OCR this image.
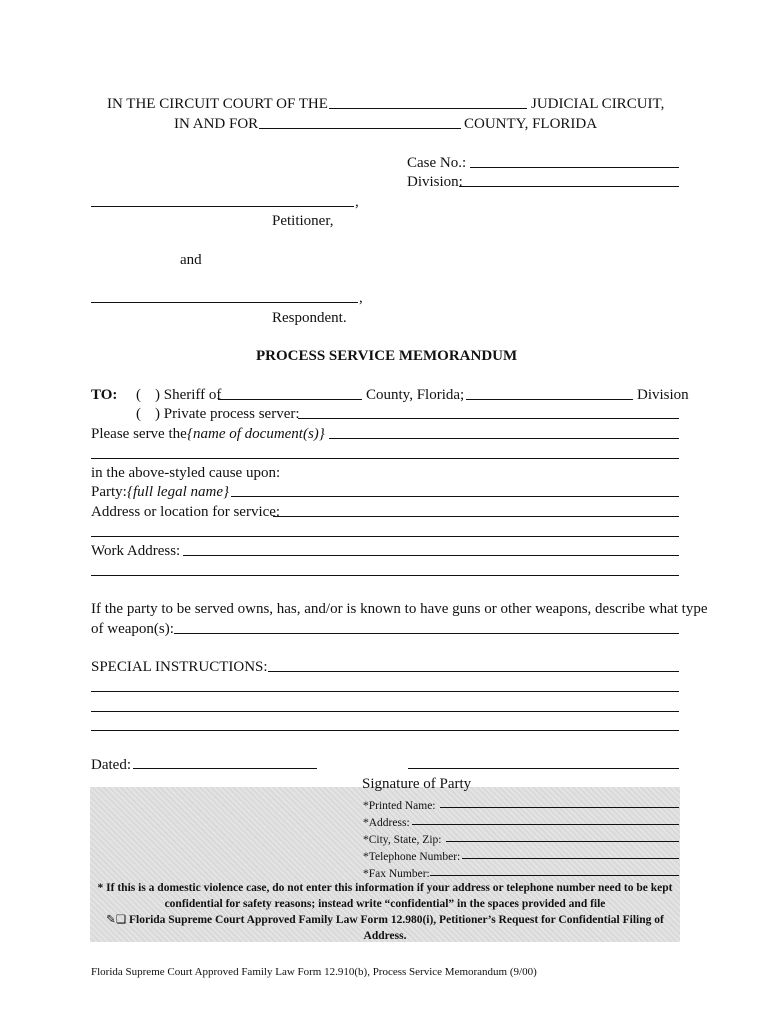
IN THE CIRCUIT COURT OF THE	JUDICIAL CIRCUIT,
IN AND FOR	COUNTY, FLORIDA
Case No.:
Division:
,
Petitioner,
and
,
Respondent.
PROCESS SERVICE MEMORANDUM
TO: ( ) Sheriff of	County, Florida;	Division
( ) Private process server:
Please serve the {name of document(s)}
in the above-styled cause upon:
Party: {full legal name}
Address or location for service:
Work Address:
If the party to be served owns, has, and/or is known to have guns or other weapons, describe what type
of weapon(s):
SPECIAL INSTRUCTIONS:
Dated:
Signature of Party
*Printed Name:
*Address:
*City, State, Zip:
*Telephone Number:
*Fax Number:
* If this is a domestic violence case, do not enter this information if your address or telephone number need to be kept
confidential for safety reasons; instead write “confidential” in the spaces provided and file
✎❏ Florida Supreme Court Approved Family Law Form 12.980(i), Petitioner’s Request for Confidential Filing of
Address.
Florida Supreme Court Approved Family Law Form 12.910(b), Process Service Memorandum (9/00)
